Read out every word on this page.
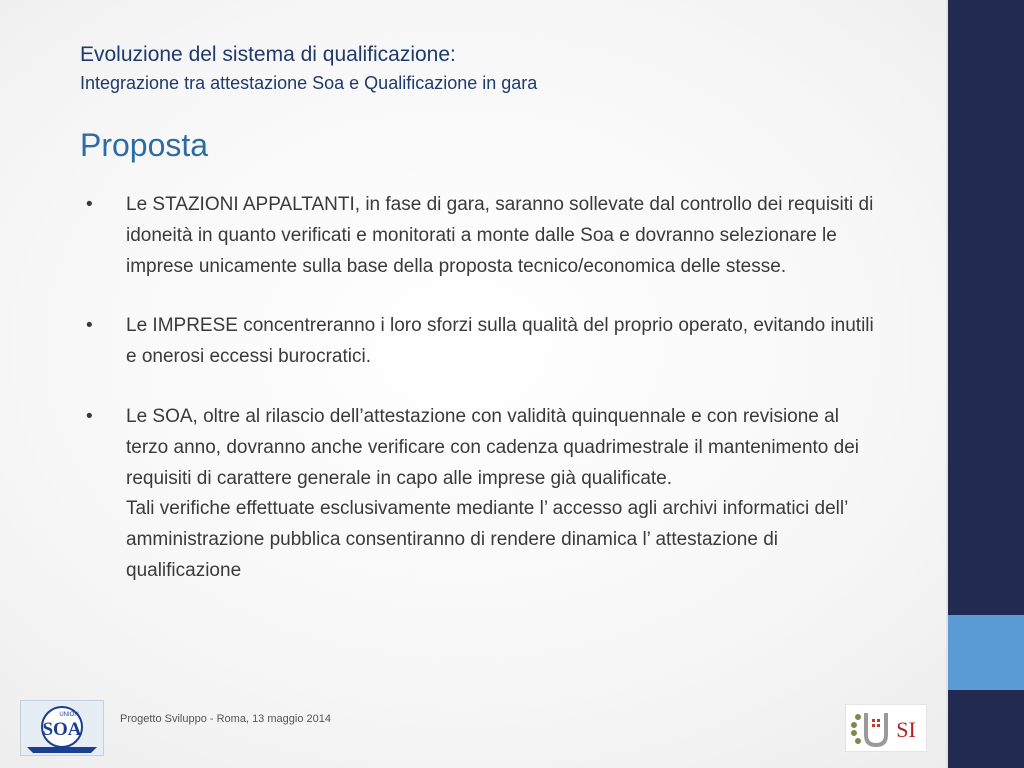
Evoluzione del sistema di qualificazione:
Integrazione tra attestazione Soa e Qualificazione in gara
Proposta
•	Le STAZIONI APPALTANTI, in fase di gara, saranno sollevate dal controllo dei requisiti di idoneità in quanto verificati e monitorati a monte dalle Soa e dovranno selezionare le imprese unicamente sulla base della proposta tecnico/economica delle stesse.
•	Le IMPRESE concentreranno i loro sforzi sulla qualità del proprio operato, evitando inutili e onerosi eccessi burocratici.
•	Le SOA, oltre al rilascio dell’attestazione con validità quinquennale e con revisione al terzo anno, dovranno anche verificare con cadenza quadrimestrale il mantenimento dei requisiti di carattere generale in capo alle imprese già qualificate.
Tali verifiche effettuate esclusivamente mediante l’ accesso agli archivi informatici dell’ amministrazione pubblica consentiranno di rendere dinamica l’ attestazione di qualificazione
UNION
SOA	Progetto Sviluppo - Roma, 13 maggio 2014	SI
